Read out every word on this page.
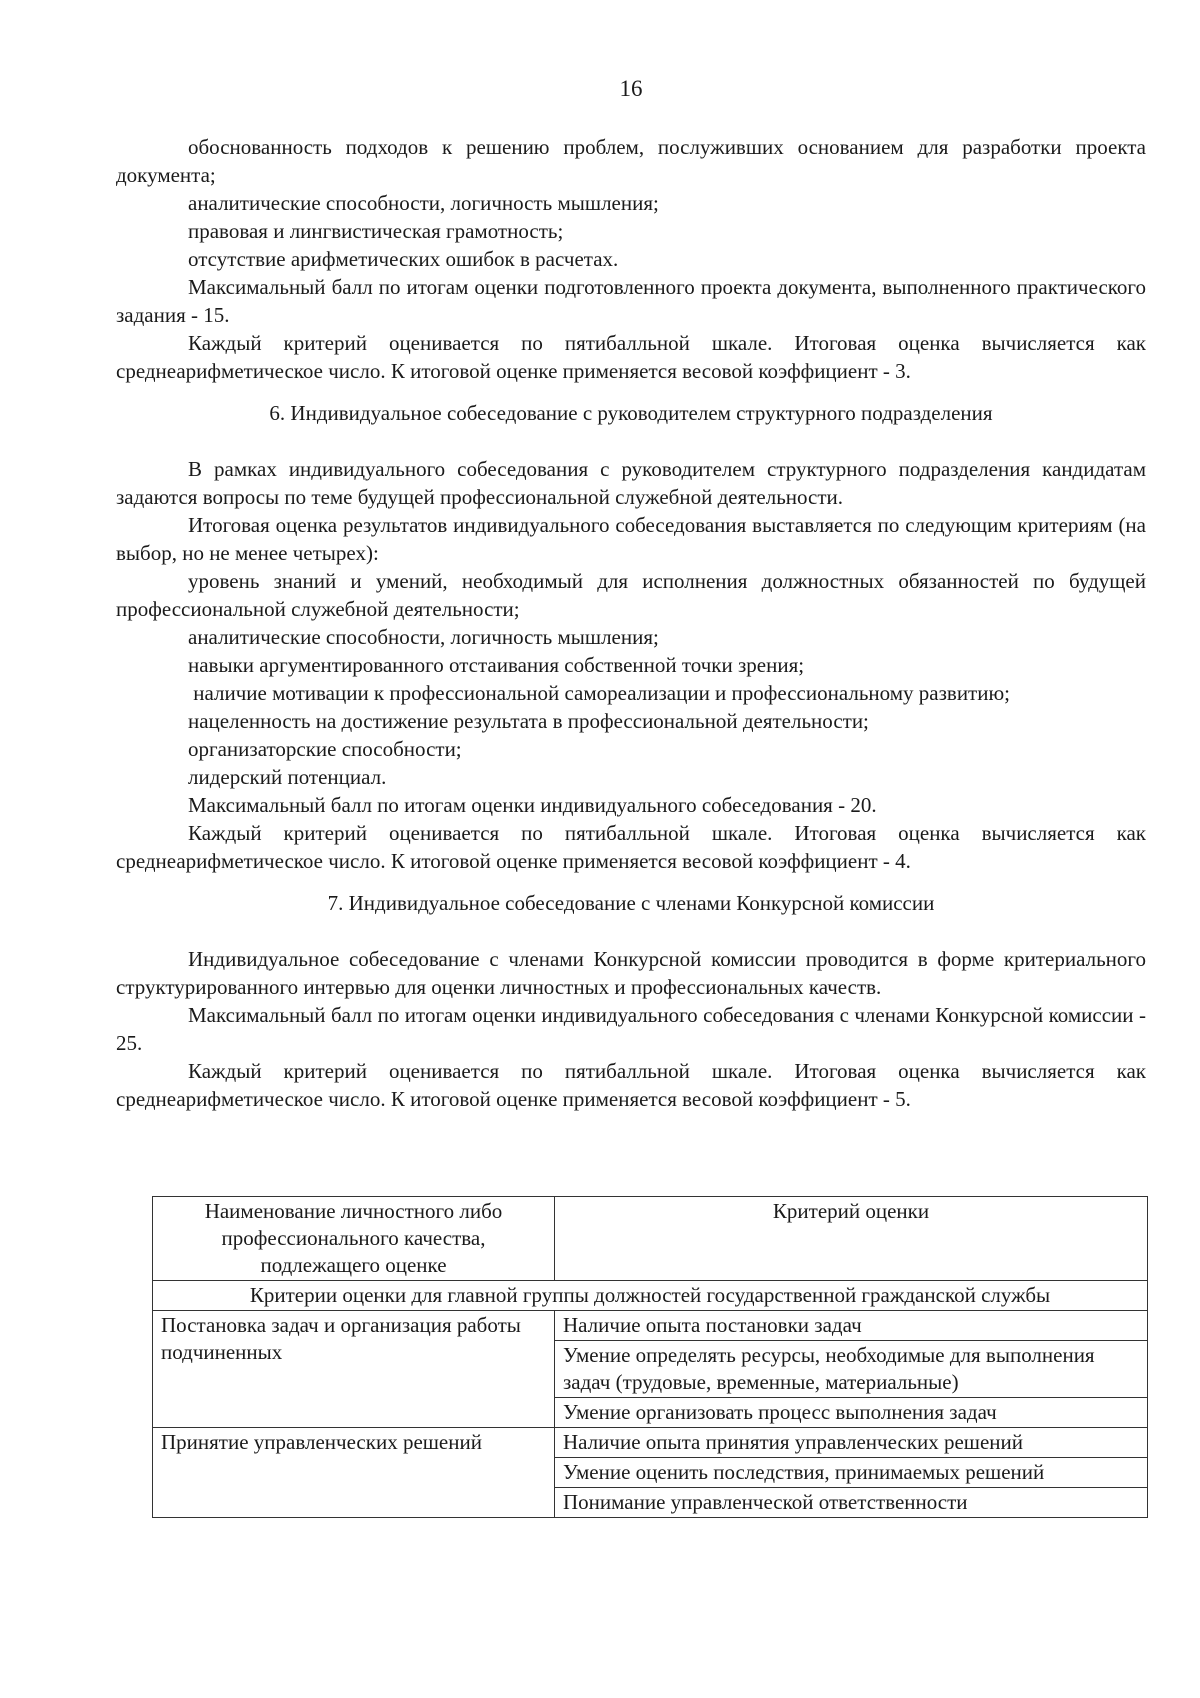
16

обоснованность подходов к решению проблем, послуживших основанием для разработки проекта документа;

аналитические способности, логичность мышления;

правовая и лингвистическая грамотность;

отсутствие арифметических ошибок в расчетах.

Максимальный балл по итогам оценки подготовленного проекта документа, выполненного практического задания - 15.

Каждый критерий оценивается по пятибалльной шкале. Итоговая оценка вычисляется как среднеарифметическое число. К итоговой оценке применяется весовой коэффициент - 3.

6. Индивидуальное собеседование с руководителем структурного подразделения

В рамках индивидуального собеседования с руководителем структурного подразделения кандидатам задаются вопросы по теме будущей профессиональной служебной деятельности.

Итоговая оценка результатов индивидуального собеседования выставляется по следующим критериям (на выбор, но не менее четырех):

уровень знаний и умений, необходимый для исполнения должностных обязанностей по будущей профессиональной служебной деятельности;

аналитические способности, логичность мышления;

навыки аргументированного отстаивания собственной точки зрения;

наличие мотивации к профессиональной самореализации и профессиональному развитию;

нацеленность на достижение результата в профессиональной деятельности;

организаторские способности;

лидерский потенциал.

Максимальный балл по итогам оценки индивидуального собеседования - 20.

Каждый критерий оценивается по пятибалльной шкале. Итоговая оценка вычисляется как среднеарифметическое число. К итоговой оценке применяется весовой коэффициент - 4.

7. Индивидуальное собеседование с членами Конкурсной комиссии

Индивидуальное собеседование с членами Конкурсной комиссии проводится в форме критериального структурированного интервью для оценки личностных и профессиональных качеств.

Максимальный балл по итогам оценки индивидуального собеседования с членами Конкурсной комиссии - 25.

Каждый критерий оценивается по пятибалльной шкале. Итоговая оценка вычисляется как среднеарифметическое число. К итоговой оценке применяется весовой коэффициент - 5.

Наименование личностного либо профессионального качества, подлежащего оценке	Критерий оценки
Критерии оценки для главной группы должностей государственной гражданской службы	
Постановка задач и организация работы подчиненных	Наличие опыта постановки задач
	Умение определять ресурсы, необходимые для выполнения задач (трудовые, временные, материальные)
	Умение организовать процесс выполнения задач
Принятие управленческих решений	Наличие опыта принятия управленческих решений
	Умение оценить последствия, принимаемых решений
	Понимание управленческой ответственности
